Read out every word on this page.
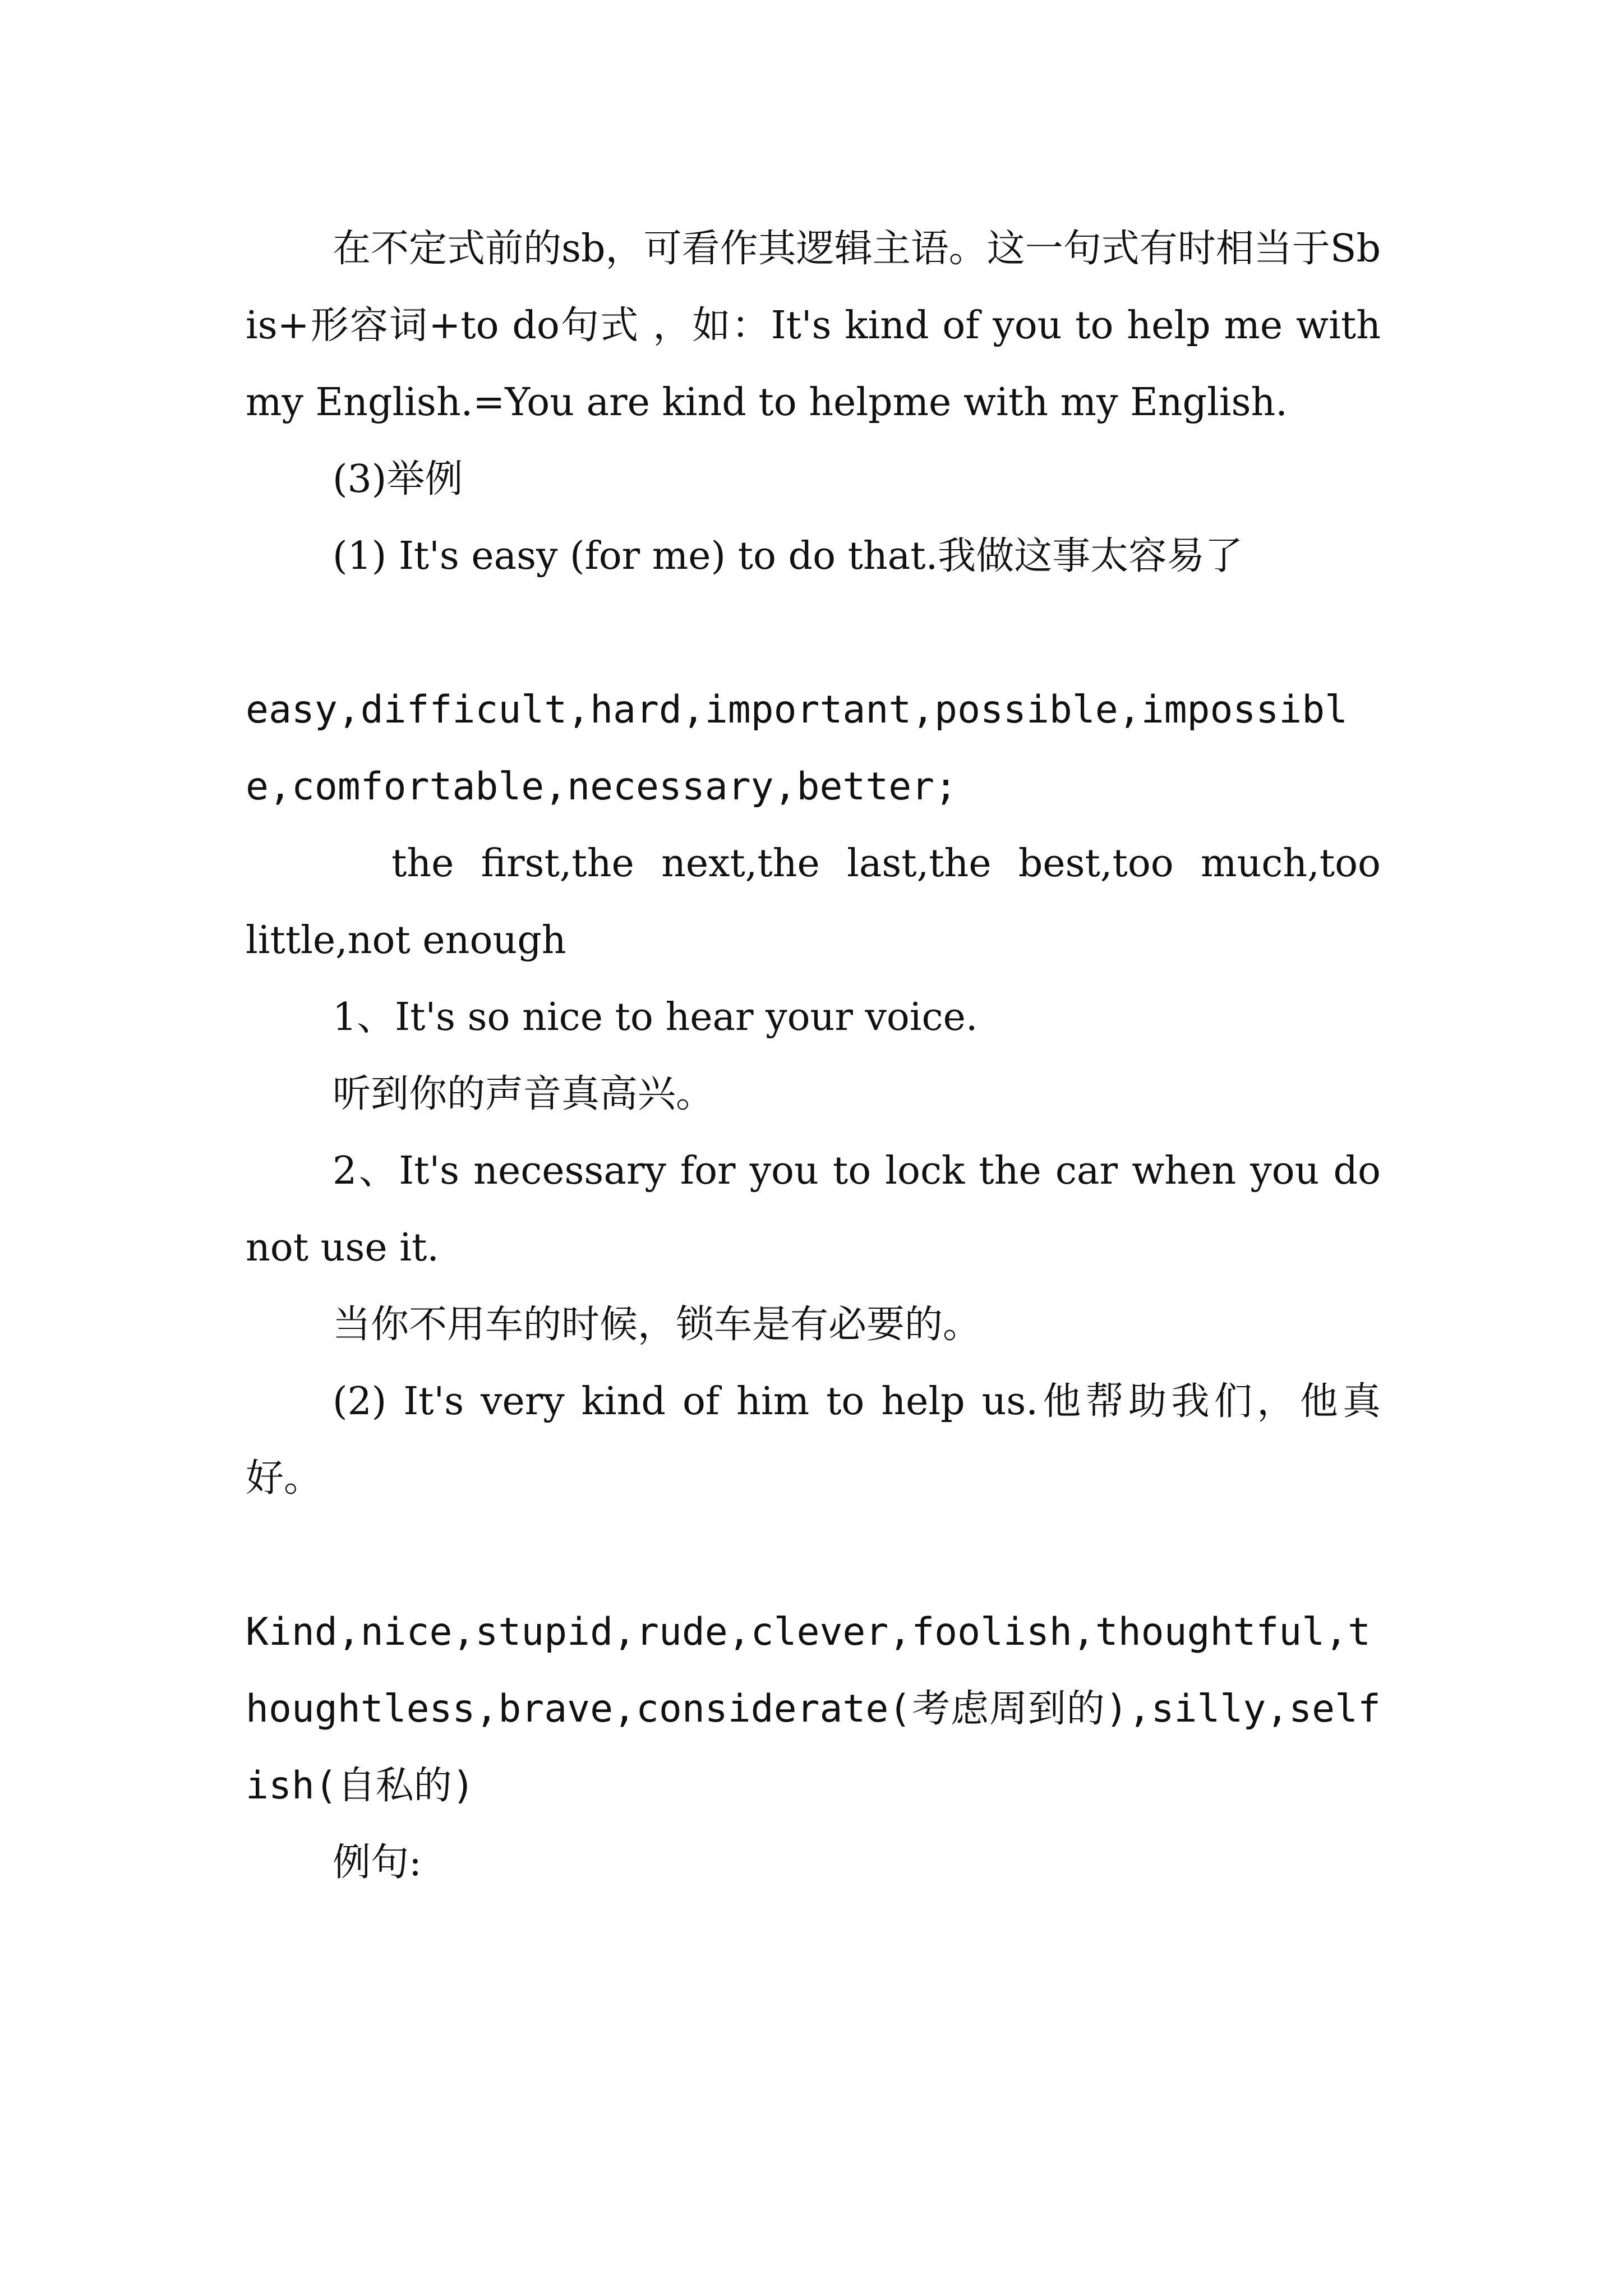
在不定式前的sb，可看作其逻辑主语。这一句式有时相当于Sb is+形容词+to do句式 ，如：It's kind of you to help me with my English.=You are kind to helpme with my English.

(3)举例

(1) It's easy (for me) to do that.我做这事太容易了

easy,difficult,hard,important,possible,impossible,comfortable,necessary,better;

the first,the next,the last,the best,too much,too little,not enough

1、It's so nice to hear your voice.

听到你的声音真高兴。

2、It's necessary for you to lock the car when you do not use it.

当你不用车的时候，锁车是有必要的。

(2) It's very kind of him to help us.他帮助我们，他真好。

Kind,nice,stupid,rude,clever,foolish,thoughtful,thoughtless,brave,considerate(考虑周到的),silly,selfish(自私的)

例句:
